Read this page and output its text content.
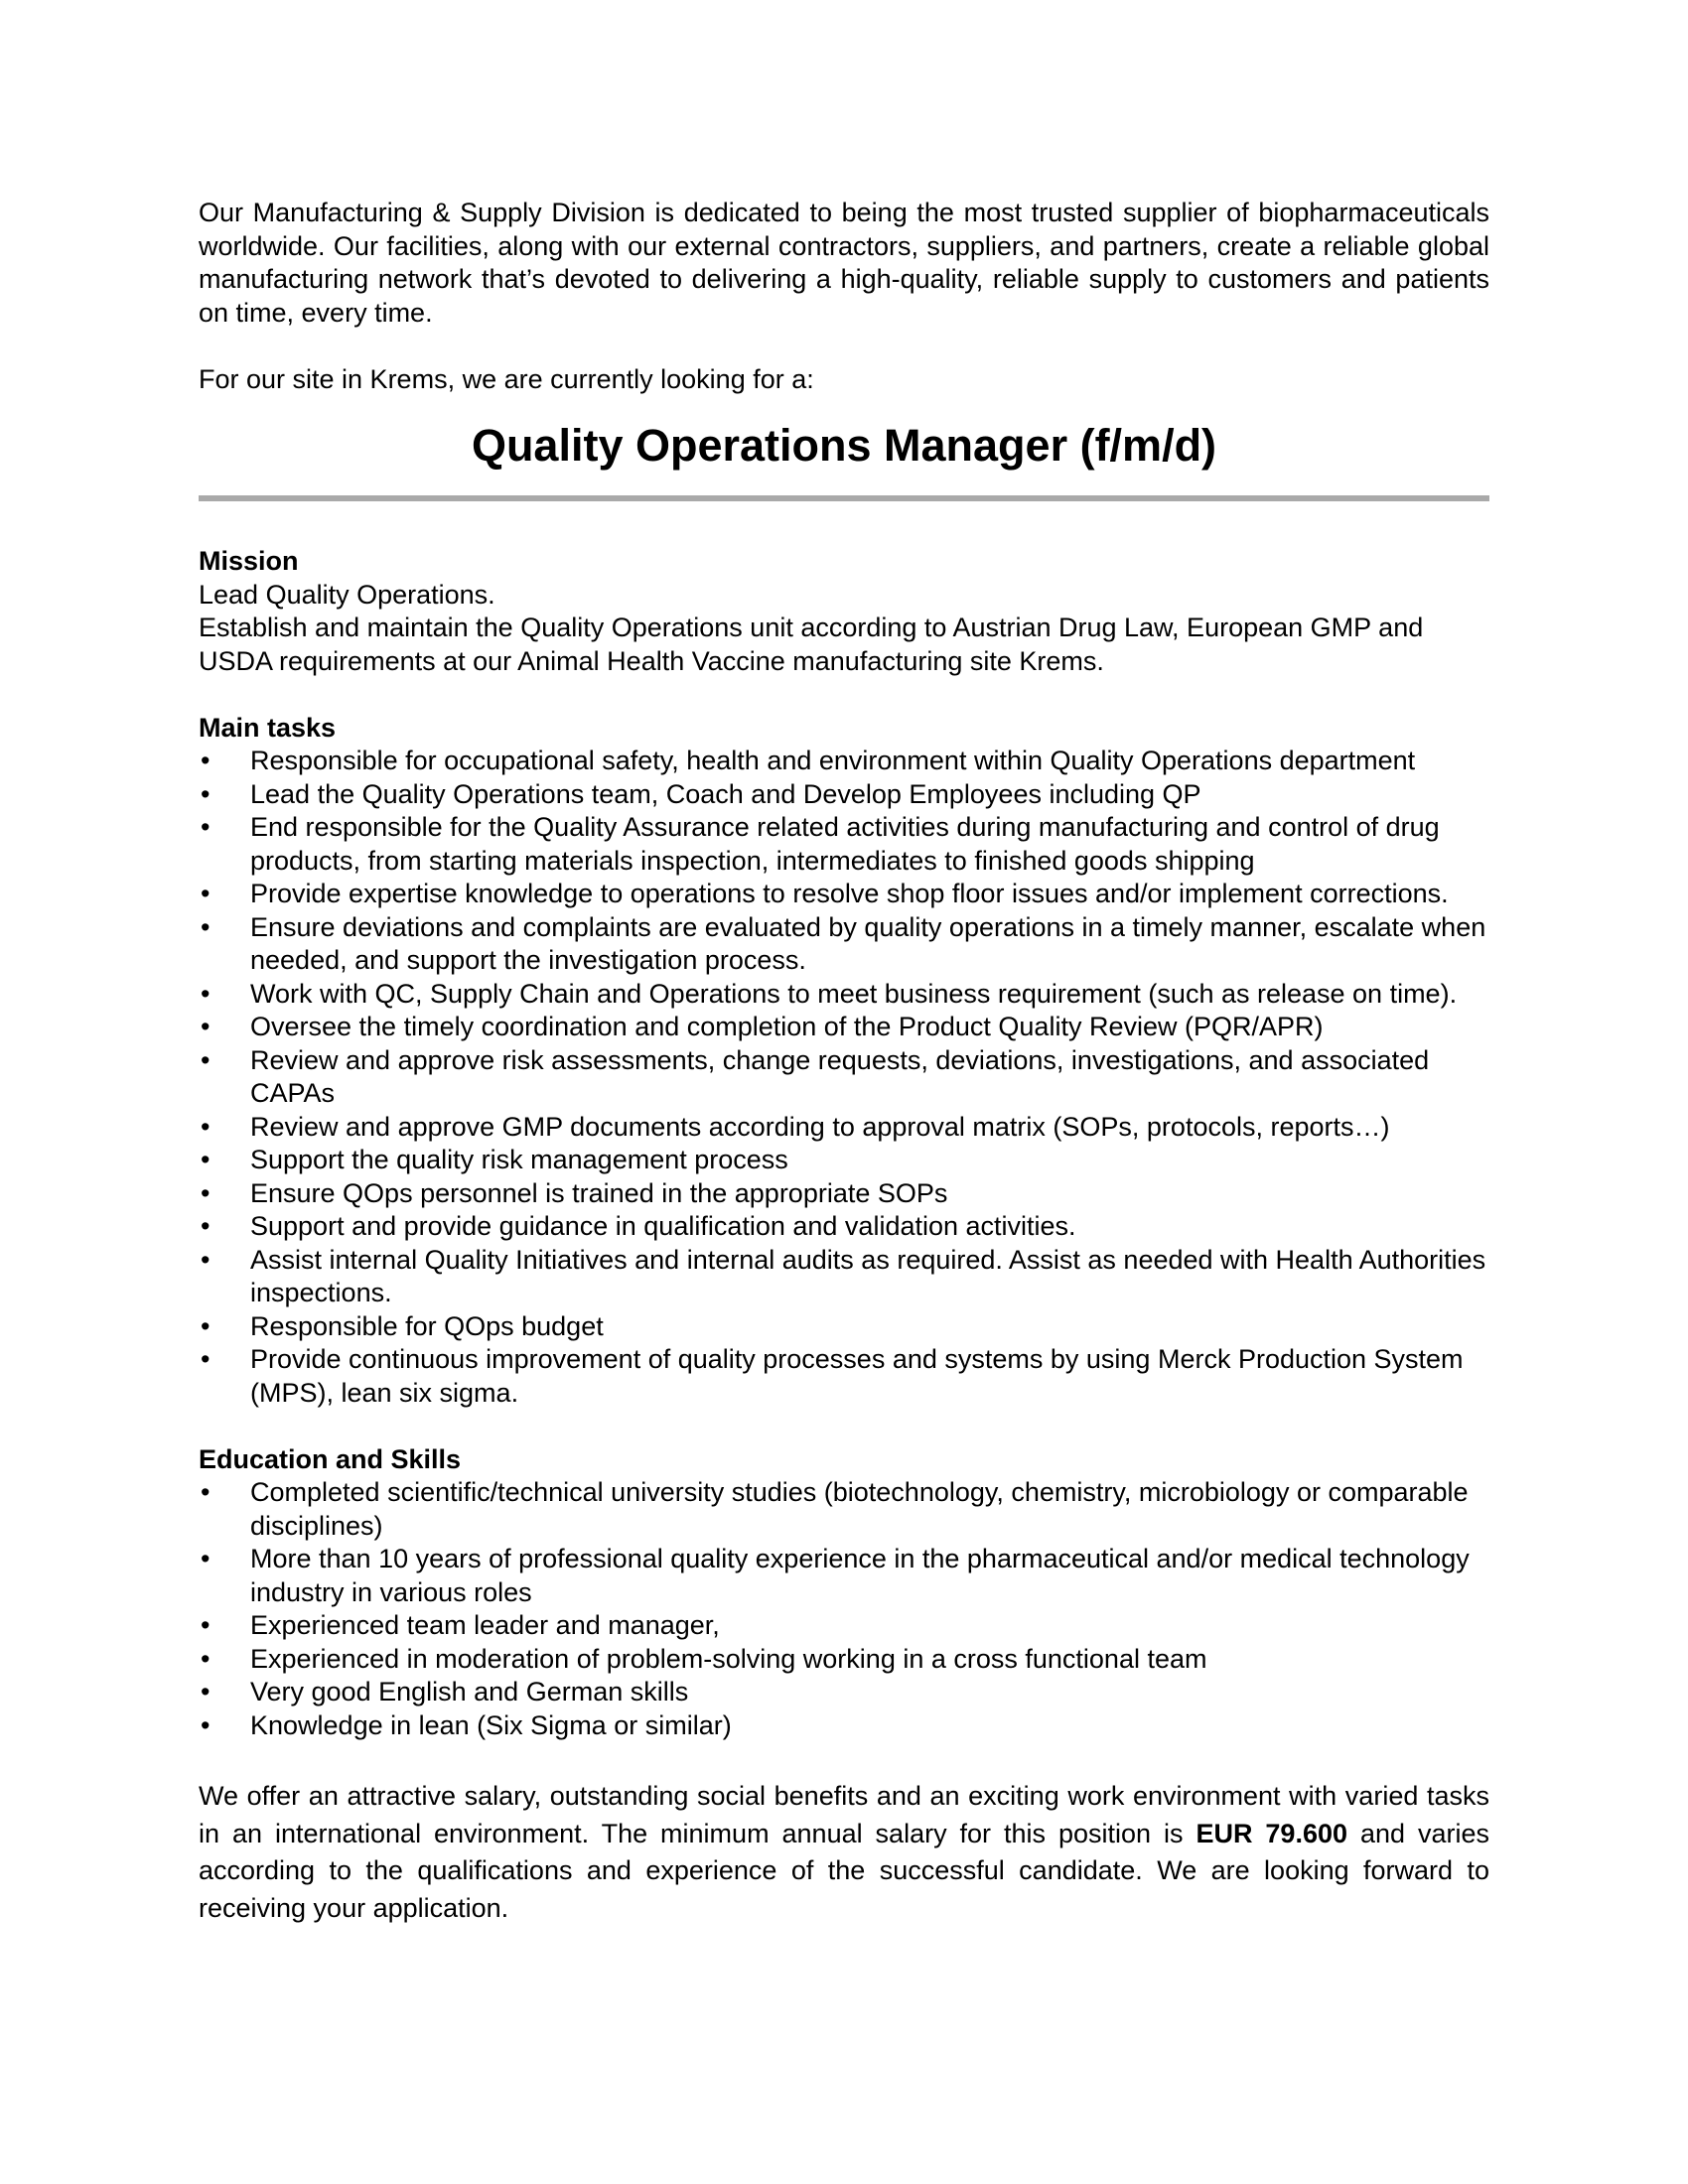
Our Manufacturing & Supply Division is dedicated to being the most trusted supplier of biopharmaceuticals worldwide. Our facilities, along with our external contractors, suppliers, and partners, create a reliable global manufacturing network that’s devoted to delivering a high-quality, reliable supply to customers and patients on time, every time.

For our site in Krems, we are currently looking for a:

Quality Operations Manager (f/m/d)

Mission

Lead Quality Operations.

Establish and maintain the Quality Operations unit according to Austrian Drug Law, European GMP and USDA requirements at our Animal Health Vaccine manufacturing site Krems.

Main tasks

• Responsible for occupational safety, health and environment within Quality Operations department
• Lead the Quality Operations team, Coach and Develop Employees including QP
• End responsible for the Quality Assurance related activities during manufacturing and control of drug products, from starting materials inspection, intermediates to finished goods shipping
• Provide expertise knowledge to operations to resolve shop floor issues and/or implement corrections.
• Ensure deviations and complaints are evaluated by quality operations in a timely manner, escalate when needed, and support the investigation process.
• Work with QC, Supply Chain and Operations to meet business requirement (such as release on time).
• Oversee the timely coordination and completion of the Product Quality Review (PQR/APR)
• Review and approve risk assessments, change requests, deviations, investigations, and associated CAPAs
• Review and approve GMP documents according to approval matrix (SOPs, protocols, reports…)
• Support the quality risk management process
• Ensure QOps personnel is trained in the appropriate SOPs
• Support and provide guidance in qualification and validation activities.
• Assist internal Quality Initiatives and internal audits as required. Assist as needed with Health Authorities inspections.
• Responsible for QOps budget
• Provide continuous improvement of quality processes and systems by using Merck Production System (MPS), lean six sigma.

Education and Skills

• Completed scientific/technical university studies (biotechnology, chemistry, microbiology or comparable disciplines)
• More than 10 years of professional quality experience in the pharmaceutical and/or medical technology industry in various roles
• Experienced team leader and manager,
• Experienced in moderation of problem-solving working in a cross functional team
• Very good English and German skills
• Knowledge in lean (Six Sigma or similar)

We offer an attractive salary, outstanding social benefits and an exciting work environment with varied tasks in an international environment. The minimum annual salary for this position is EUR 79.600 and varies according to the qualifications and experience of the successful candidate. We are looking forward to receiving your application.
